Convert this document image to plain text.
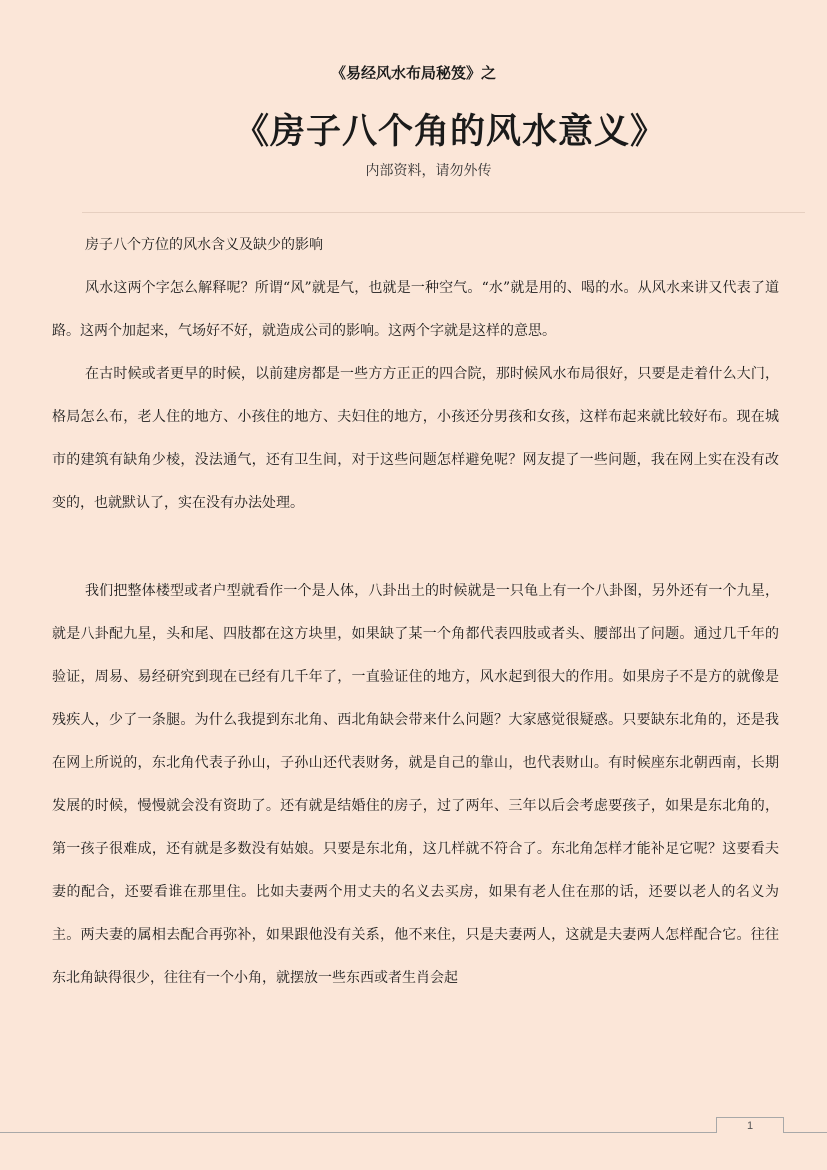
《易经风水布局秘笈》之

《房子八个角的风水意义》

内部资料，请勿外传

房子八个方位的风水含义及缺少的影响

风水这两个字怎么解释呢？所谓“风”就是气，也就是一种空气。“水”就是用的、喝的水。从风水来讲又代表了道路。这两个加起来，气场好不好，就造成公司的影响。这两个字就是这样的意思。

在古时候或者更早的时候，以前建房都是一些方方正正的四合院，那时候风水布局很好，只要是走着什么大门，格局怎么布，老人住的地方、小孩住的地方、夫妇住的地方，小孩还分男孩和女孩，这样布起来就比较好布。现在城市的建筑有缺角少棱，没法通气，还有卫生间，对于这些问题怎样避免呢？网友提了一些问题，我在网上实在没有改变的，也就默认了，实在没有办法处理。

我们把整体楼型或者户型就看作一个是人体，八卦出土的时候就是一只龟上有一个八卦图，另外还有一个九星，就是八卦配九星，头和尾、四肢都在这方块里，如果缺了某一个角都代表四肢或者头、腰部出了问题。通过几千年的验证，周易、易经研究到现在已经有几千年了，一直验证住的地方，风水起到很大的作用。如果房子不是方的就像是残疾人，少了一条腿。为什么我提到东北角、西北角缺会带来什么问题？大家感觉很疑惑。只要缺东北角的，还是我在网上所说的，东北角代表子孙山，子孙山还代表财务，就是自己的靠山，也代表财山。有时候座东北朝西南，长期发展的时候，慢慢就会没有资助了。还有就是结婚住的房子，过了两年、三年以后会考虑要孩子，如果是东北角的，第一孩子很难成，还有就是多数没有姑娘。只要是东北角，这几样就不符合了。东北角怎样才能补足它呢？这要看夫妻的配合，还要看谁在那里住。比如夫妻两个用丈夫的名义去买房，如果有老人住在那的话，还要以老人的名义为主。两夫妻的属相去配合再弥补，如果跟他没有关系，他不来住，只是夫妻两人，这就是夫妻两人怎样配合它。往往东北角缺得很少，往往有一个小角，就摆放一些东西或者生肖会起

1
